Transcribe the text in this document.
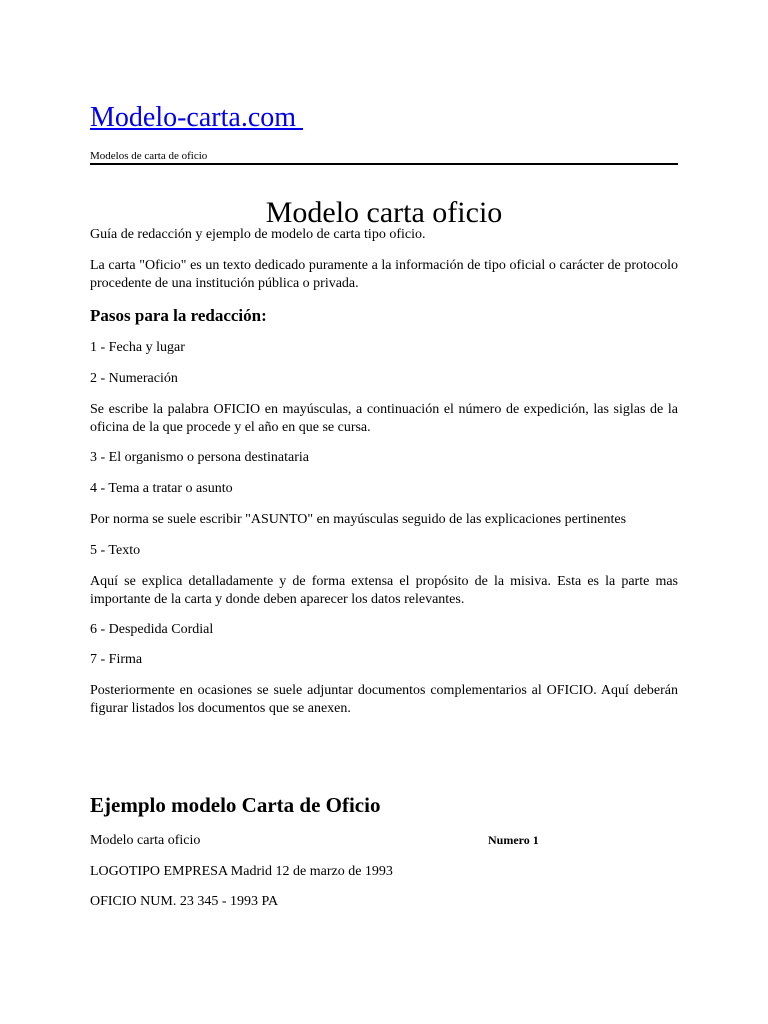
Modelo-carta.com
Modelos de carta de oficio
Modelo carta oficio
Guía de redacción y ejemplo de modelo de carta tipo oficio.
La carta "Oficio" es un texto dedicado puramente a la información de tipo oficial o carácter de protocolo procedente de una institución pública o privada.
Pasos para la redacción:
1 - Fecha y lugar
2 - Numeración
Se escribe la palabra OFICIO en mayúsculas, a continuación el número de expedición, las siglas de la oficina de la que procede y el año en que se cursa.
3 - El organismo o persona destinataria
4 - Tema a tratar o asunto
Por norma se suele escribir "ASUNTO" en mayúsculas seguido de las explicaciones pertinentes
5 - Texto
Aquí se explica detalladamente y de forma extensa el propósito de la misiva. Esta es la parte mas importante de la carta y donde deben aparecer los datos relevantes.
6 - Despedida Cordial
7 - Firma
Posteriormente en ocasiones se suele adjuntar documentos complementarios al OFICIO. Aquí deberán figurar listados los documentos que se anexen.
Ejemplo modelo Carta de Oficio
Modelo carta oficio	Numero 1
LOGOTIPO EMPRESA Madrid 12 de marzo de 1993
OFICIO NUM. 23 345 - 1993 PA
